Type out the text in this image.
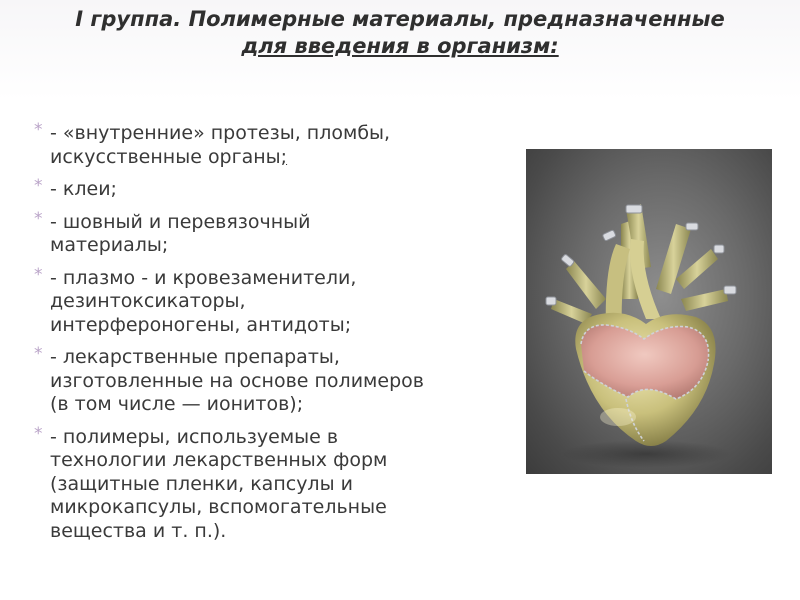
I группа. Полимерные материалы, предназначенные
для введения в организм:
* - «внутренние» протезы, пломбы,
искусственные органы;
* - клеи;
* - шовный и перевязочный
материалы;
* - плазмо - и кровезаменители,
дезинтоксикаторы,
интерфероногены, антидоты;
* - лекарственные препараты,
изготовленные на основе полимеров
(в том числе — ионитов);
* - полимеры, используемые в
технологии лекарственных форм
(защитные пленки, капсулы и
микрокапсулы, вспомогательные
вещества и т. п.).
